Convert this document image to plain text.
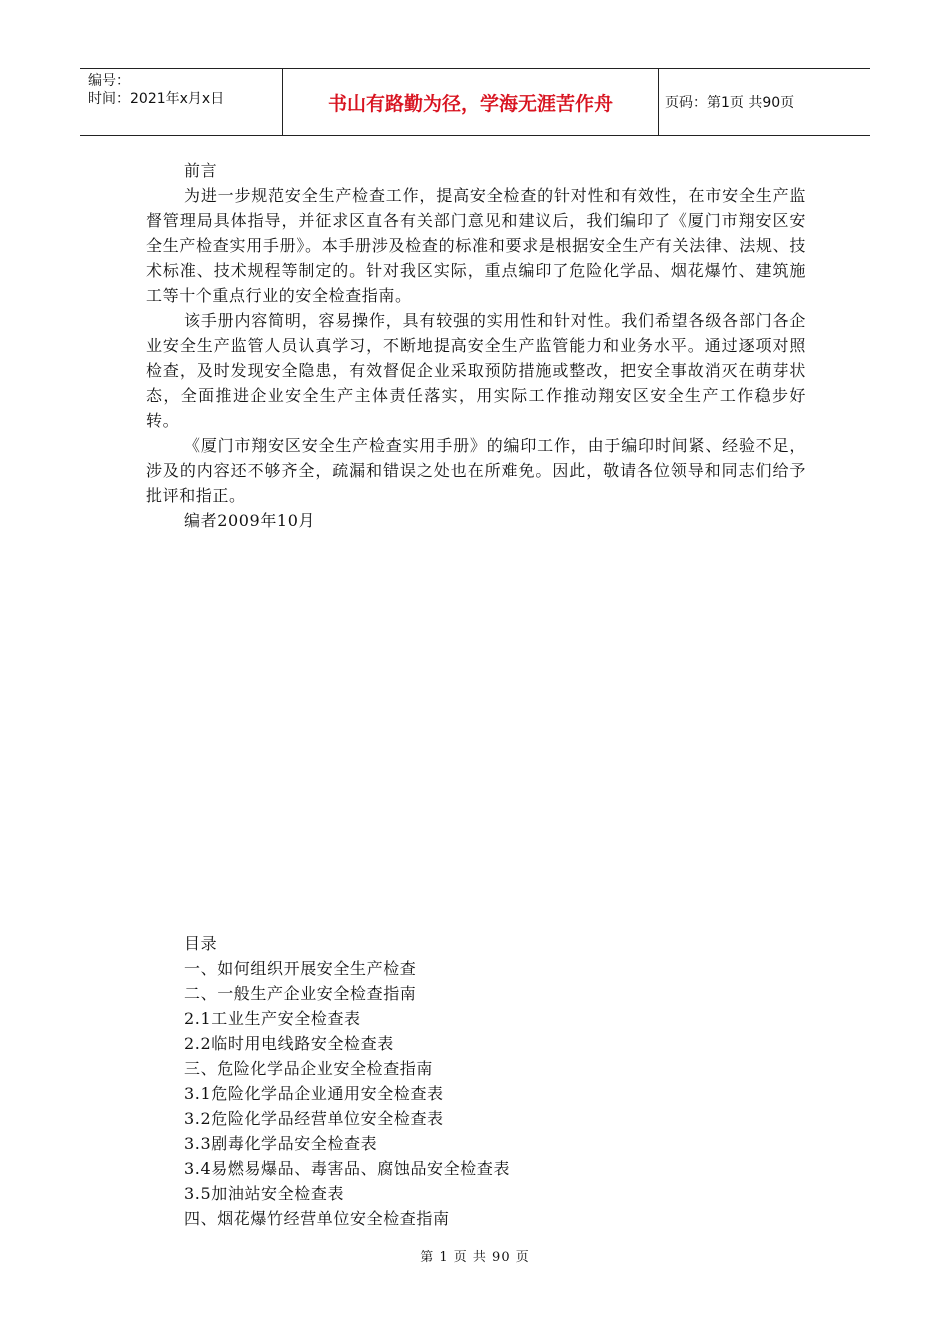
编号：
时间：2021年x月x日	书山有路勤为径，学海无涯苦作舟	页码：第1页 共90页

前言

为进一步规范安全生产检查工作，提高安全检查的针对性和有效性，在市安全生产监督管理局具体指导，并征求区直各有关部门意见和建议后，我们编印了《厦门市翔安区安全生产检查实用手册》。本手册涉及检查的标准和要求是根据安全生产有关法律、法规、技术标准、技术规程等制定的。针对我区实际，重点编印了危险化学品、烟花爆竹、建筑施工等十个重点行业的安全检查指南。

该手册内容简明，容易操作，具有较强的实用性和针对性。我们希望各级各部门各企业安全生产监管人员认真学习，不断地提高安全生产监管能力和业务水平。通过逐项对照检查，及时发现安全隐患，有效督促企业采取预防措施或整改，把安全事故消灭在萌芽状态，全面推进企业安全生产主体责任落实，用实际工作推动翔安区安全生产工作稳步好转。

《厦门市翔安区安全生产检查实用手册》的编印工作，由于编印时间紧、经验不足，涉及的内容还不够齐全，疏漏和错误之处也在所难免。因此，敬请各位领导和同志们给予批评和指正。

编者2009年10月

目录
一、如何组织开展安全生产检查
二、一般生产企业安全检查指南
2.1工业生产安全检查表
2.2临时用电线路安全检查表
三、危险化学品企业安全检查指南
3.1危险化学品企业通用安全检查表
3.2危险化学品经营单位安全检查表
3.3剧毒化学品安全检查表
3.4易燃易爆品、毒害品、腐蚀品安全检查表
3.5加油站安全检查表
四、烟花爆竹经营单位安全检查指南
第 1 页 共 90 页
